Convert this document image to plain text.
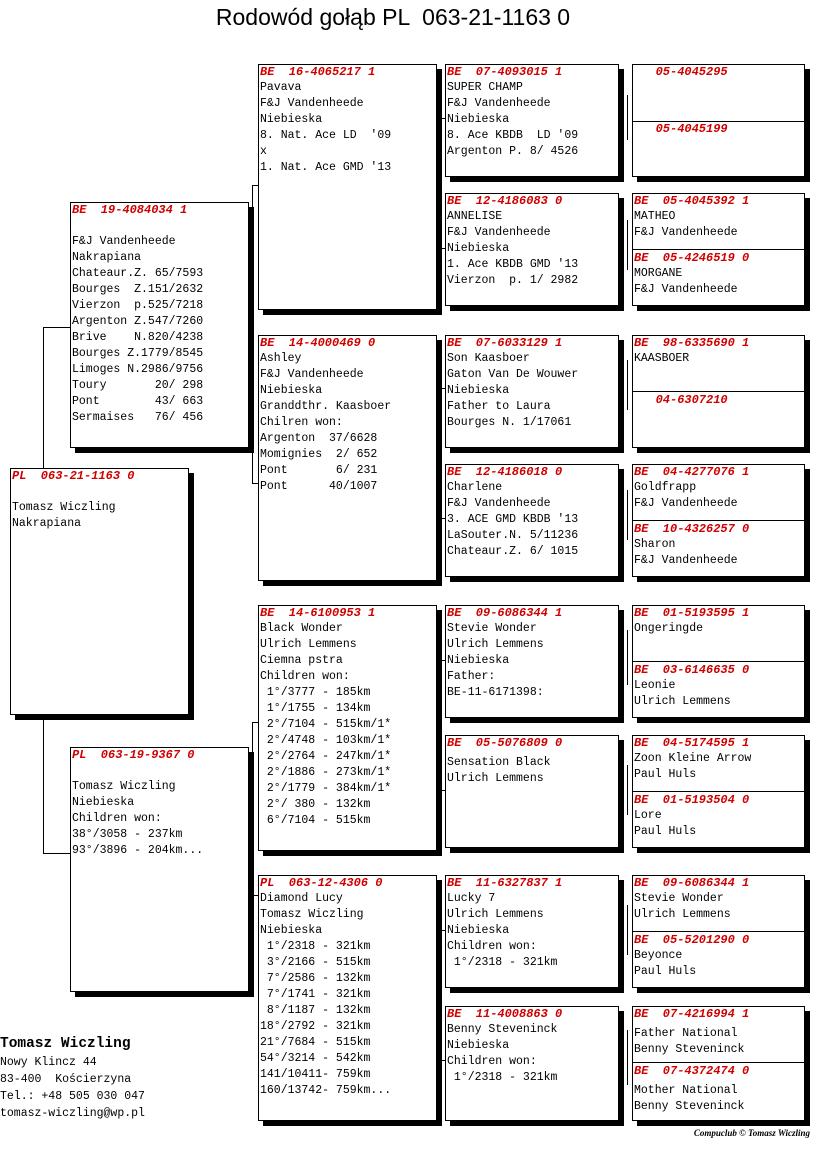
Rodowód gołąb PL  063-21-1163 0
PL  063-21-1163 0
Tomasz Wiczling
Nakrapiana
BE  19-4084034 1
F&J Vandenheede
Nakrapiana
Chateaur.Z. 65/7593
Bourges  Z.151/2632
Vierzon  p.525/7218
Argenton Z.547/7260
Brive    N.820/4238
Bourges Z.1779/8545
Limoges N.2986/9756
Toury       20/ 298
Pont        43/ 663
Sermaises   76/ 456
PL  063-19-9367 0
Tomasz Wiczling
Niebieska
Children won:
38°/3058 - 237km
93°/3896 - 204km...
BE  16-4065217 1
Pavava
F&J Vandenheede
Niebieska
8. Nat. Ace LD  '09
x
1. Nat. Ace GMD '13
BE  14-4000469 0
Ashley
F&J Vandenheede
Niebieska
Granddthr. Kaasboer
Chilren won:
Argenton  37/6628
Momignies  2/ 652
Pont       6/ 231
Pont      40/1007
BE  14-6100953 1
Black Wonder
Ulrich Lemmens
Ciemna pstra
Children won:
1°/3777 - 185km
1°/1755 - 134km
2°/7104 - 515km/1*
2°/4748 - 103km/1*
2°/2764 - 247km/1*
2°/1886 - 273km/1*
2°/1779 - 384km/1*
2°/ 380 - 132km
6°/7104 - 515km
PL  063-12-4306 0
Diamond Lucy
Tomasz Wiczling
Niebieska
1°/2318 - 321km
3°/2166 - 515km
7°/2586 - 132km
7°/1741 - 321km
8°/1187 - 132km
18°/2792 - 321km
21°/7684 - 515km
54°/3214 - 542km
141/10411- 759km
160/13742- 759km...
BE  07-4093015 1
SUPER CHAMP
F&J Vandenheede
Niebieska
8. Ace KBDB  LD '09
Argenton P. 8/ 4526
BE  12-4186083 0
ANNELISE
F&J Vandenheede
Niebieska
1. Ace KBDB GMD '13
Vierzon  p. 1/ 2982
BE  07-6033129 1
Son Kaasboer
Gaton Van De Wouwer
Niebieska
Father to Laura
Bourges N. 1/17061
BE  12-4186018 0
Charlene
F&J Vandenheede
3. ACE GMD KBDB '13
LaSouter.N. 5/11236
Chateaur.Z. 6/ 1015
BE  09-6086344 1
Stevie Wonder
Ulrich Lemmens
Niebieska
Father:
BE-11-6171398:
BE  05-5076809 0
Sensation Black
Ulrich Lemmens
BE  11-6327837 1
Lucky 7
Ulrich Lemmens
Niebieska
Children won:
1°/2318 - 321km
BE  11-4008863 0
Benny Steveninck
Niebieska
Children won:
1°/2318 - 321km
05-4045295
05-4045199
BE  05-4045392 1
MATHEO
F&J Vandenheede
BE  05-4246519 0
MORGANE
F&J Vandenheede
BE  98-6335690 1
KAASBOER
04-6307210
BE  04-4277076 1
Goldfrapp
F&J Vandenheede
BE  10-4326257 0
Sharon
F&J Vandenheede
BE  01-5193595 1
Ongeringde
BE  03-6146635 0
Leonie
Ulrich Lemmens
BE  04-5174595 1
Zoon Kleine Arrow
Paul Huls
BE  01-5193504 0
Lore
Paul Huls
BE  09-6086344 1
Stevie Wonder
Ulrich Lemmens
BE  05-5201290 0
Beyonce
Paul Huls
BE  07-4216994 1
Father National
Benny Steveninck
BE  07-4372474 0
Mother National
Benny Steveninck
Tomasz Wiczling
Nowy Klincz 44
83-400  Kościerzyna
Tel.: +48 505 030 047
tomasz-wiczling@wp.pl
Compuclub © Tomasz Wiczling
